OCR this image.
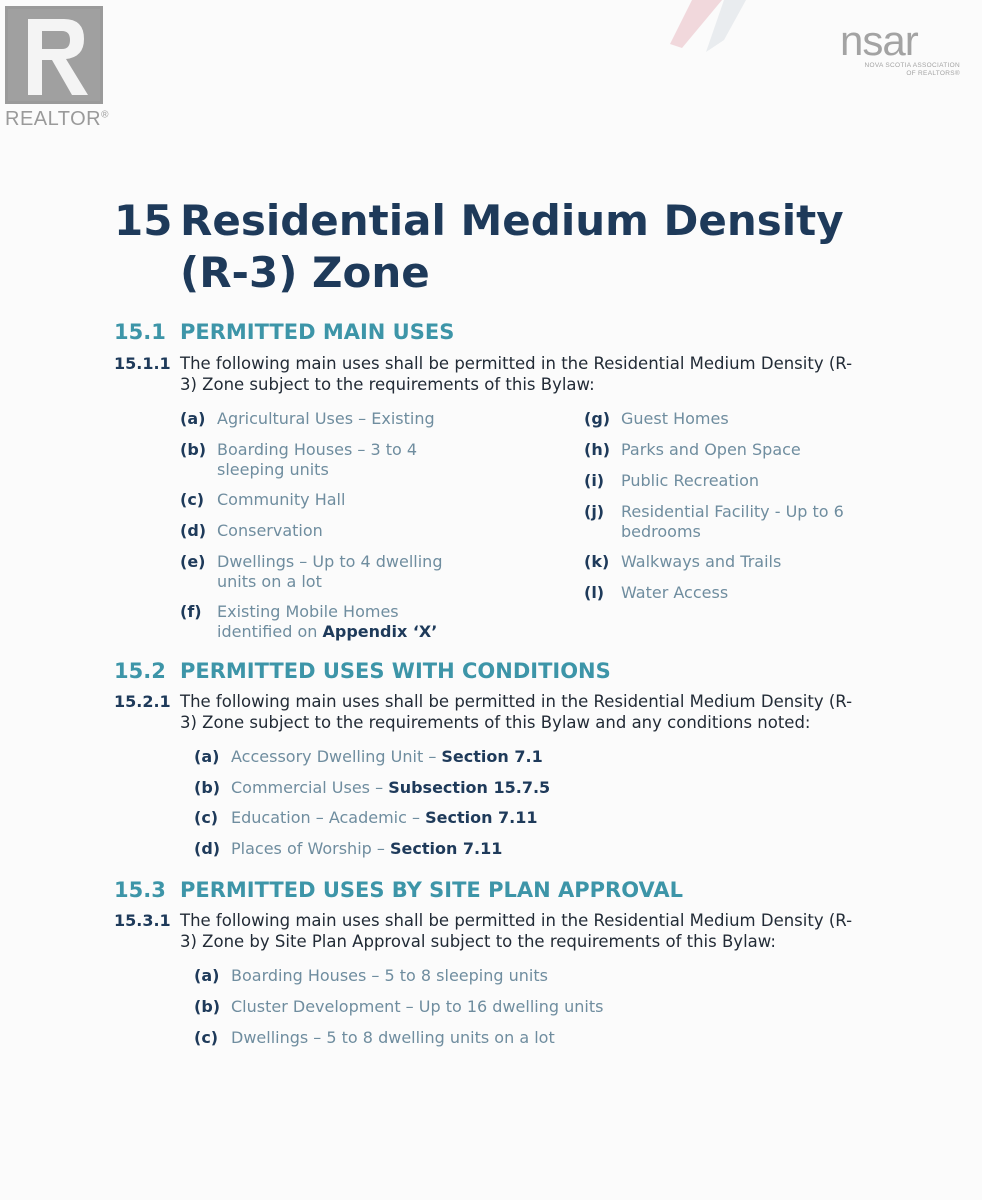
REALTOR®
nsar
NOVA SCOTIA ASSOCIATION
OF REALTORS®
15 Residential Medium Density
(R-3) Zone
15.1 PERMITTED MAIN USES
15.1.1 The following main uses shall be permitted in the Residential Medium Density (R-
3) Zone subject to the requirements of this Bylaw:
(a) Agricultural Uses – Existing
(b) Boarding Houses – 3 to 4
sleeping units
(c) Community Hall
(d) Conservation
(e) Dwellings – Up to 4 dwelling
units on a lot
(f) Existing Mobile Homes
identified on Appendix ‘X’
(g) Guest Homes
(h) Parks and Open Space
(i) Public Recreation
(j) Residential Facility - Up to 6
bedrooms
(k) Walkways and Trails
(l) Water Access
15.2 PERMITTED USES WITH CONDITIONS
15.2.1 The following main uses shall be permitted in the Residential Medium Density (R-
3) Zone subject to the requirements of this Bylaw and any conditions noted:
(a) Accessory Dwelling Unit – Section 7.1
(b) Commercial Uses – Subsection 15.7.5
(c) Education – Academic – Section 7.11
(d) Places of Worship – Section 7.11
15.3 PERMITTED USES BY SITE PLAN APPROVAL
15.3.1 The following main uses shall be permitted in the Residential Medium Density (R-
3) Zone by Site Plan Approval subject to the requirements of this Bylaw:
(a) Boarding Houses – 5 to 8 sleeping units
(b) Cluster Development – Up to 16 dwelling units
(c) Dwellings – 5 to 8 dwelling units on a lot
